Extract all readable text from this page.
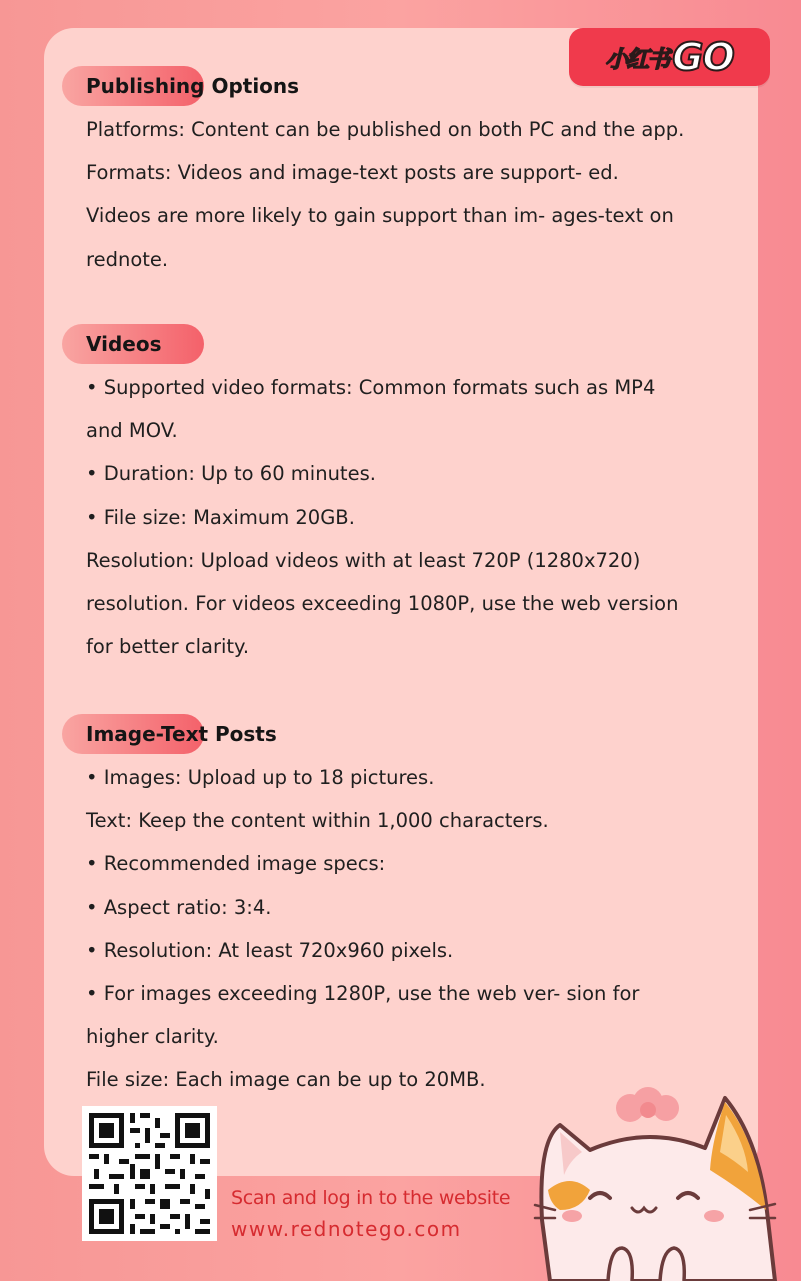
小红书 GO
Publishing Options
Platforms: Content can be published on both PC and the app.
Formats: Videos and image-text posts are support- ed.
Videos are more likely to gain support than im- ages-text on
rednote.
Videos
• Supported video formats: Common formats such as MP4
and MOV.
• Duration: Up to 60 minutes.
• File size: Maximum 20GB.
Resolution: Upload videos with at least 720P (1280x720)
resolution. For videos exceeding 1080P, use the web version
for better clarity.
Image-Text Posts
• Images: Upload up to 18 pictures.
Text: Keep the content within 1,000 characters.
• Recommended image specs:
• Aspect ratio: 3:4.
• Resolution: At least 720x960 pixels.
• For images exceeding 1280P, use the web ver- sion for
higher clarity.
File size: Each image can be up to 20MB.
Scan and log in to the website
www.rednotego.com
